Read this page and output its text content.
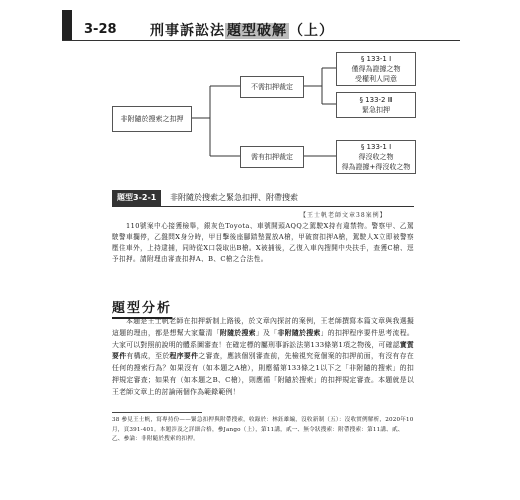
3-28 刑事訴訟法 題型破解 （上）
非附隨於搜索之扣押
不需扣押裁定
需有扣押裁定
§ 133-1 Ⅰ
僅得為證據之物
受權利人同意
§ 133-2 Ⅲ
緊急扣押
§ 133-1 Ⅰ
得沒收之物
得為證據+得沒收之物
題型3-2-1	非附隨於搜索之緊急扣押、附帶搜索
【王士帆老師文章38案例】
110號案中心接獲檢舉，銀灰色Toyota、車號開頭AQQ之駕駛X持有違禁物。警察甲、乙駕駛警車攔停，乙盤問X身分時，甲目擊後座腳踏墊置放A槍，甲破窗扣押A槍，駕駛人X立即被警察壓住車外，上持逮捕，同時從X口袋取出B槍。X被捕後，乙復入車內搜開中央扶手，查獲C槍、逕予扣押。請附理由審查扣押A、B、C槍之合法性。
題型分析
本題是王士帆老師在扣押新制上路後，於文章內探討的案例，王老師撰寫本篇文章與我選擬這題的理由，都是想幫大家釐清「附隨於搜索」及「非附隨於搜索」的扣押程序要件思考流程。大家可以對照前說明的體系圖審查！在確定標的屬刑事訴訟法第133條第1項之物後，可確認實質要件有構成，至於程序要件之審查，應該個別審查前，先檢視究竟個案的扣押前面，有沒有存在任何的搜索行為？如果沒有（如本題之A槍），則應循第133條之1以下之「非附隨的搜索」的扣押規定審查；如果有（如本題之B、C槍），則應循「附隨於搜索」的扣押規定審查。本題就是以王老師文章上的討論兩個作為範錄範例！
38 參見王士帆，寫專持份——緊急扣押與附帶搜索，收錄於：林鈺雄編，沒收新制（五）：沒收實例解析，2020年10月，頁391-401。本題涉及之詳細合格，參Jango（上），第11講，貳一、無令狀搜索：附帶搜索：第11講、貳、乙、參論：非附隨於搜索的扣押。
